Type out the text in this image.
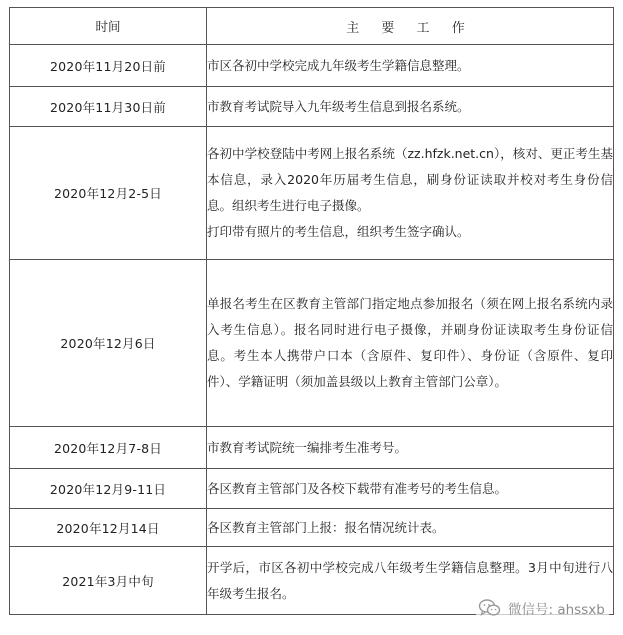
时间	主 要 工 作
2020年11月20日前	市区各初中学校完成九年级考生学籍信息整理。

2020年11月30日前	市教育考试院导入九年级考生信息到报名系统。

2020年12月2-5日	各初中学校登陆中考网上报名系统（zz.hfzk.net.cn），核对、更正考生基本信息，录入2020年历届考生信息，刷身份证读取并校对考生身份信息。组织考生进行电子摄像。
打印带有照片的考生信息，组织考生签字确认。

2020年12月6日	单报名考生在区教育主管部门指定地点参加报名（须在网上报名系统内录入考生信息）。报名同时进行电子摄像，并刷身份证读取考生身份证信息。考生本人携带户口本（含原件、复印件）、身份证（含原件、复印件）、学籍证明（须加盖县级以上教育主管部门公章）。

2020年12月7-8日	市教育考试院统一编排考生准考号。

2020年12月9-11日	各区教育主管部门及各校下载带有准考号的考生信息。

2020年12月14日	各区教育主管部门上报：报名情况统计表。

2021年3月中旬	开学后，市区各初中学校完成八年级考生学籍信息整理。3月中旬进行八年级考生报名。
微信号: ahssxb
